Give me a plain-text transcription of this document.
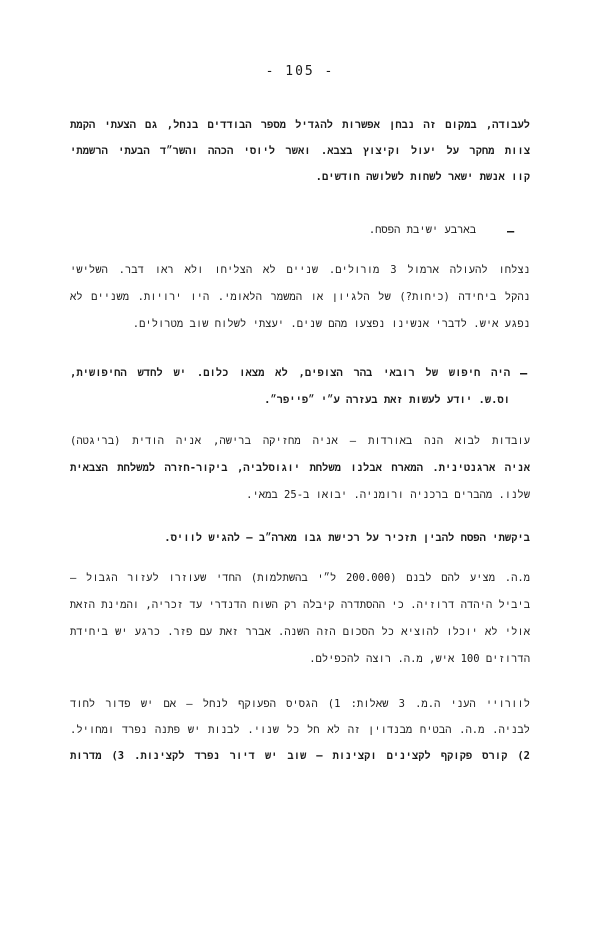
- 105 -
לעבודה, במקום זה נבחן אפשרות להגדיל מספר הבודדים בנחל, גם הצעתי הקמת
צוות מחקר על יעול וקיצוץ בצבא. ואשר ליוסי הכהה והשר״ד הבעתי הרשמתי
קוו אנשת ישאר לשחות לשלושה חודשים.
–
בארבע ישיבת הפסח.
נצלחו להעולה ארמול 3 מורולים. שניים לא הצליחו ולא ראו דבר. השלישי
נהקל ביחידה (כיחות?) של הלגיון או המשמר הלאומי. היו ירויות. משניים לא
נפגע איש. לדברי אנשינו נפצעו מהם שנים. יעצתי לשלוח שוב מטרולים.
–
היה חיפוש של רובאי בהר הצופים, לא מצאו כלום. יש לחדש החיפושית,
וס.ש. יודע לעשות זאת בעזרה ע״י ״פייפר״.
עובדות לבוא הנה באורדות – אניה מחזיקה ברישה, אניה הודית (בריגטה)
אניה ארגנטינית. המארח אבלנו משלחת יוגוסלביה, ביקור-חזרה למשלחת הצבאית
שלנו. מהברים ברכניה ורומניה. יבואו ב-25 במאי.
ביקשתי הפסח להבין תזכיר על רכישת גבו מארה״ב – להגיש לוויס.
מ.ה. מציע להם לבנם (200.000 ל״י בהשתלמות) החדי שעוזרו לעזור הגבול –
ביביל היהדה דרוזיה. כי ההסתדרה קיבלה רק השוח הדנדרי עד זכריה, והמינת הזאת
אולי לא יוכלו להוציא כל הסכום הזה השנה. אברר זאת עם פזר. כרגע יש ביחידת
הדרוזים 100 איש, מ.ה. רוצה להכפילם.
לוורויי העני ה.מ. 3 שאלות: 1) הגסיס הפעוקף לנחל – אם יש פדור לחוד
לבניה. מ.ה. הבטיח מבנדוין זה לא חל כל שנוי. לבנות יש פתנה נפרד ומחויל.
2) קורס פקוקף לקצינים וקצינות – שוב יש דיור נפרד לקצינות. 3) מדרות
